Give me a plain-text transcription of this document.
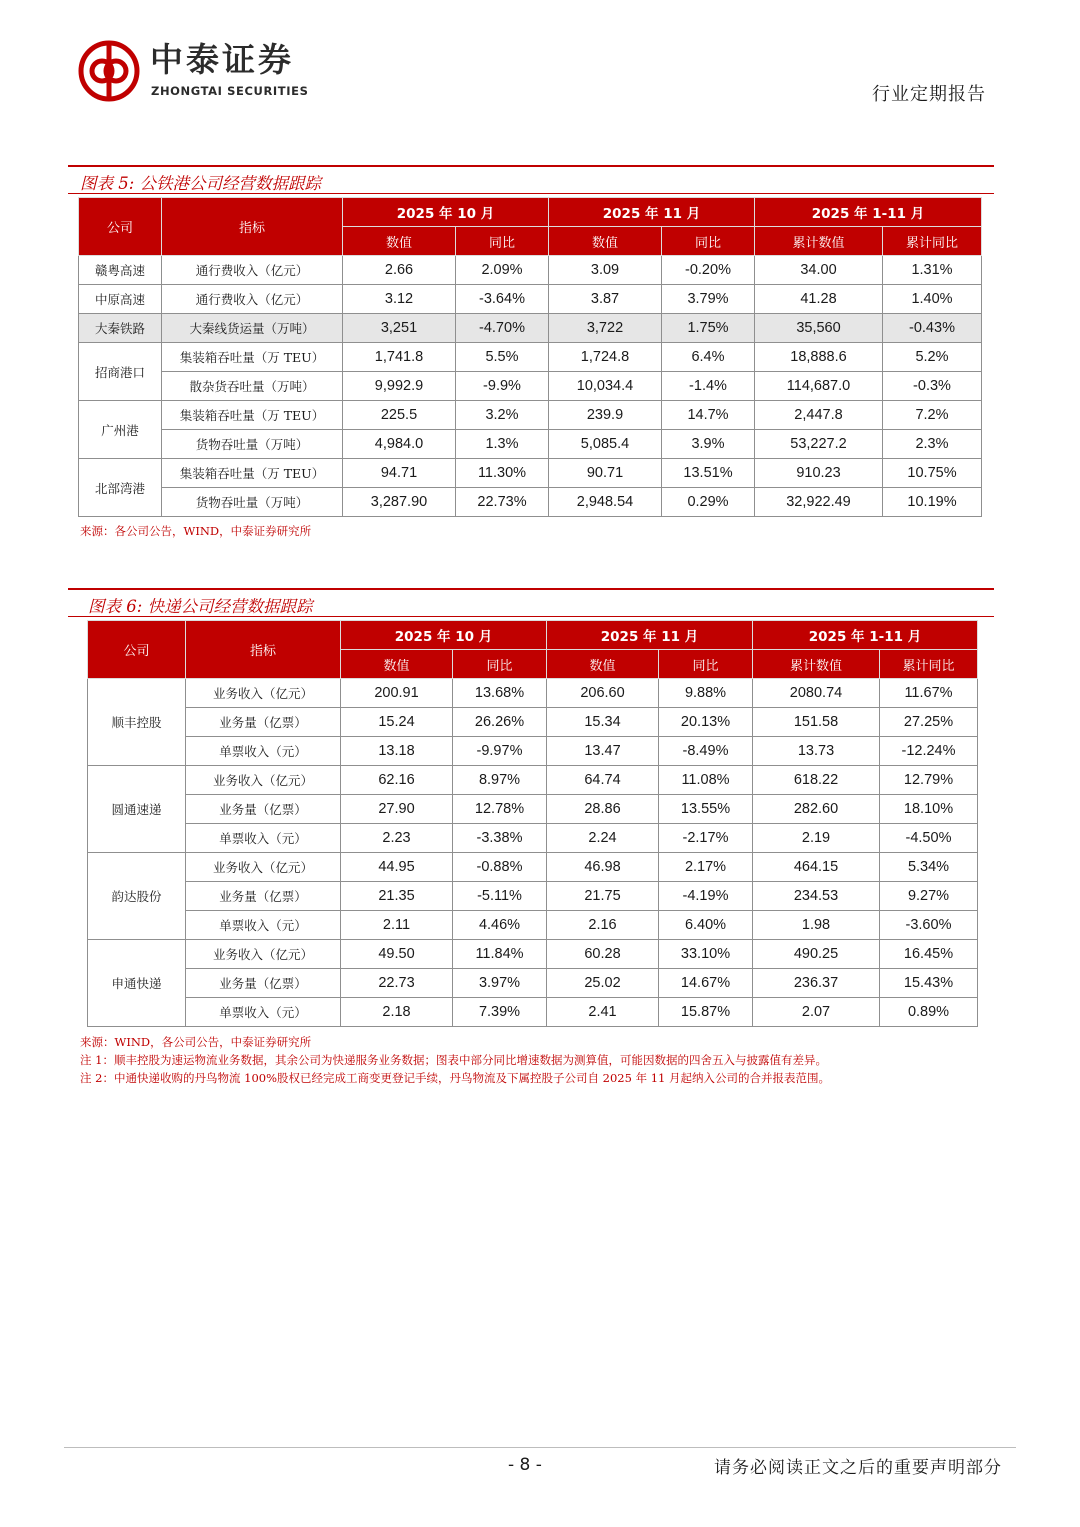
中泰证券
ZHONGTAI SECURITIES	行业定期报告
图表 5: 公铁港公司经营数据跟踪
公司	指标	2025 年 10 月		2025 年 11 月		2025 年 1-11 月	
		数值	同比	数值	同比	累计数值	累计同比
赣粤高速	通行费收入（亿元）	2.66	2.09%	3.09	-0.20%	34.00	1.31%
中原高速	通行费收入（亿元）	3.12	-3.64%	3.87	3.79%	41.28	1.40%
大秦铁路	大秦线货运量（万吨）	3,251	-4.70%	3,722	1.75%	35,560	-0.43%
招商港口	集装箱吞吐量（万 TEU）	1,741.8	5.5%	1,724.8	6.4%	18,888.6	5.2%
	散杂货吞吐量（万吨）	9,992.9	-9.9%	10,034.4	-1.4%	114,687.0	-0.3%
广州港	集装箱吞吐量（万 TEU）	225.5	3.2%	239.9	14.7%	2,447.8	7.2%
	货物吞吐量（万吨）	4,984.0	1.3%	5,085.4	3.9%	53,227.2	2.3%
北部湾港	集装箱吞吐量（万 TEU）	94.71	11.30%	90.71	13.51%	910.23	10.75%
	货物吞吐量（万吨）	3,287.90	22.73%	2,948.54	0.29%	32,922.49	10.19%
来源：各公司公告，WIND，中泰证券研究所
图表 6: 快递公司经营数据跟踪
公司	指标	2025 年 10 月		2025 年 11 月		2025 年 1-11 月	
		数值	同比	数值	同比	累计数值	累计同比
顺丰控股	业务收入（亿元）	200.91	13.68%	206.60	9.88%	2080.74	11.67%
	业务量（亿票）	15.24	26.26%	15.34	20.13%	151.58	27.25%
	单票收入（元）	13.18	-9.97%	13.47	-8.49%	13.73	-12.24%
圆通速递	业务收入（亿元）	62.16	8.97%	64.74	11.08%	618.22	12.79%
	业务量（亿票）	27.90	12.78%	28.86	13.55%	282.60	18.10%
	单票收入（元）	2.23	-3.38%	2.24	-2.17%	2.19	-4.50%
韵达股份	业务收入（亿元）	44.95	-0.88%	46.98	2.17%	464.15	5.34%
	业务量（亿票）	21.35	-5.11%	21.75	-4.19%	234.53	9.27%
	单票收入（元）	2.11	4.46%	2.16	6.40%	1.98	-3.60%
申通快递	业务收入（亿元）	49.50	11.84%	60.28	33.10%	490.25	16.45%
	业务量（亿票）	22.73	3.97%	25.02	14.67%	236.37	15.43%
	单票收入（元）	2.18	7.39%	2.41	15.87%	2.07	0.89%
来源：WIND，各公司公告，中泰证券研究所
注 1：顺丰控股为速运物流业务数据，其余公司为快递服务业务数据；图表中部分同比增速数据为测算值，可能因数据的四舍五入与披露值有差异。
注 2：中通快递收购的丹鸟物流 100%股权已经完成工商变更登记手续，丹鸟物流及下属控股子公司自 2025 年 11 月起纳入公司的合并报表范围。
- 8 -	请务必阅读正文之后的重要声明部分
